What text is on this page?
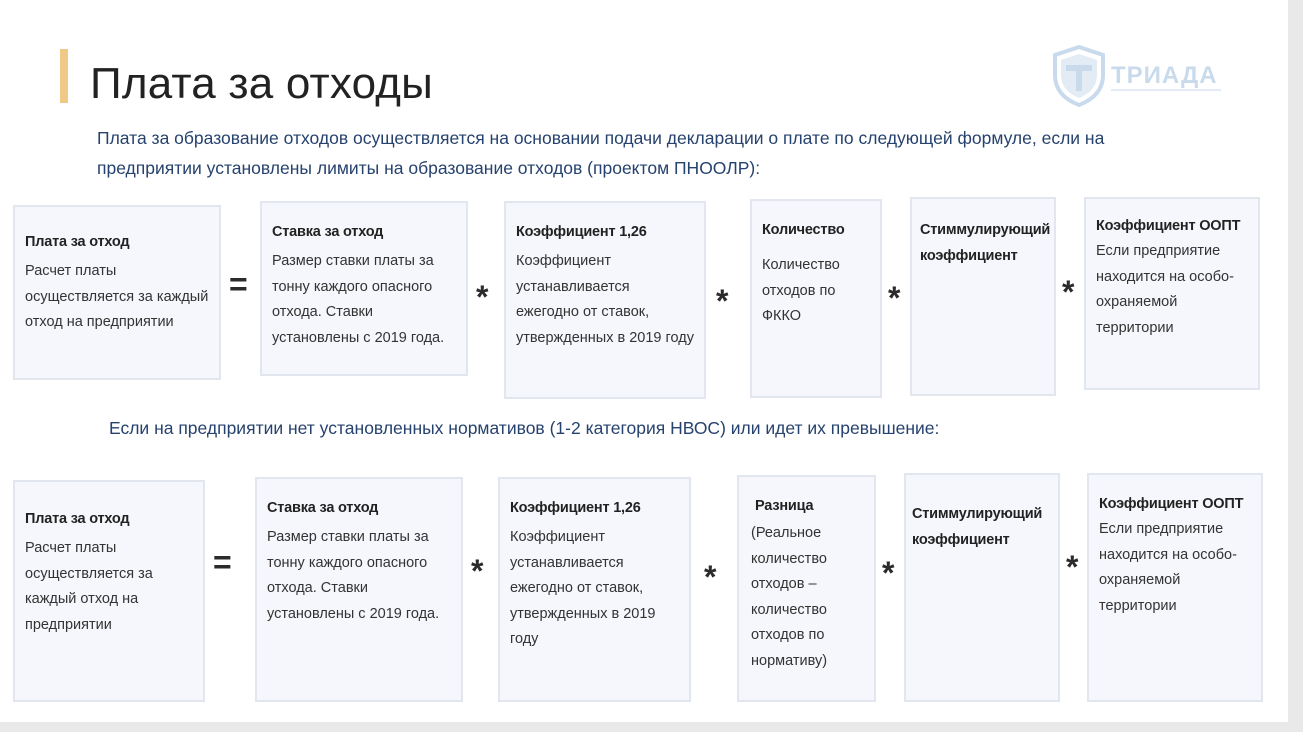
Плата за отходы	ТРИАДА

Плата за образование отходов осуществляется на основании подачи декларации о плате по следующей формуле, если на предприятии установлены лимиты на образование отходов (проектом ПНООЛР):

Плата за отход
Расчет платы осуществляется за каждый отход на предприятии
=
Ставка за отход
Размер ставки платы за тонну каждого опасного отхода. Ставки установлены с 2019 года.
*
Коэффициент 1,26
Коэффициент устанавливается ежегодно от ставок, утвержденных в 2019 году
*
Количество
Количество отходов по ФККО	*
Стиммулирующий коэффициент
*
Коэффициент ООПТ
Если предприятие находится на особо-охраняемой территории

Если на предприятии нет установленных нормативов (1-2 категория НВОС) или идет их превышение:

Плата за отход
Расчет платы осуществляется за каждый отход на предприятии
=
Ставка за отход
Размер ставки платы за тонну каждого опасного отхода. Ставки установлены с 2019 года.
*
Коэффициент 1,26
Коэффициент устанавливается ежегодно от ставок, утвержденных в 2019 году
*
Разница
(Реальное количество отходов – количество отходов по нормативу)
*
Стиммулирующий коэффициент
*
Коэффициент ООПТ
Если предприятие находится на особо-охраняемой территории
